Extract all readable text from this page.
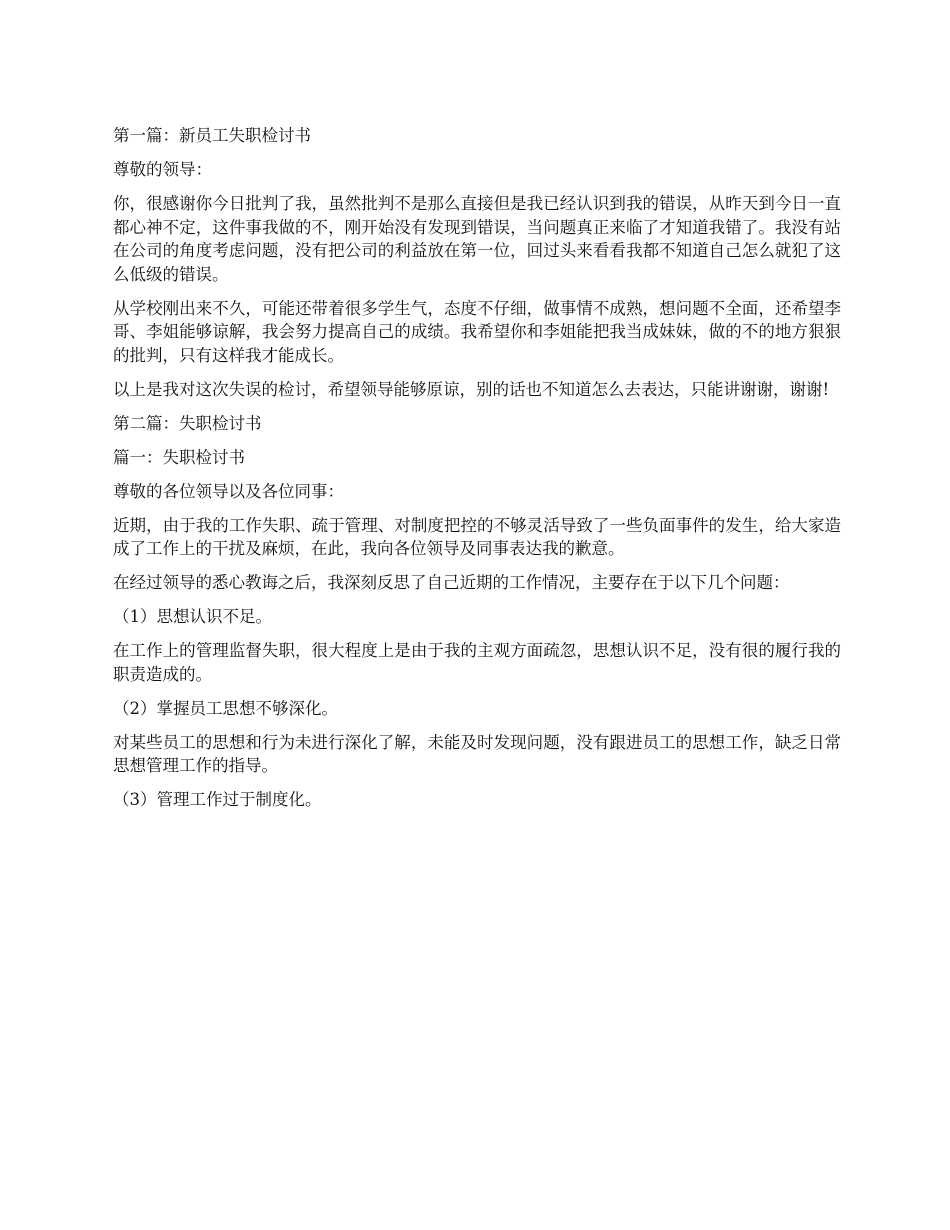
第一篇：新员工失职检讨书

尊敬的领导：

你，很感谢你今日批判了我，虽然批判不是那么直接但是我已经认识到我的错误，从昨天到今日一直都心神不定，这件事我做的不，刚开始没有发现到错误，当问题真正来临了才知道我错了。我没有站在公司的角度考虑问题，没有把公司的利益放在第一位，回过头来看看我都不知道自己怎么就犯了这么低级的错误。

从学校刚出来不久，可能还带着很多学生气，态度不仔细，做事情不成熟，想问题不全面，还希望李哥、李姐能够谅解，我会努力提高自己的成绩。我希望你和李姐能把我当成妹妹，做的不的地方狠狠的批判，只有这样我才能成长。

以上是我对这次失误的检讨，希望领导能够原谅，别的话也不知道怎么去表达，只能讲谢谢，谢谢!

第二篇：失职检讨书

篇一：失职检讨书

尊敬的各位领导以及各位同事：

近期，由于我的工作失职、疏于管理、对制度把控的不够灵活导致了一些负面事件的发生，给大家造成了工作上的干扰及麻烦，在此，我向各位领导及同事表达我的歉意。

在经过领导的悉心教诲之后，我深刻反思了自己近期的工作情况，主要存在于以下几个问题：

（1）思想认识不足。

在工作上的管理监督失职，很大程度上是由于我的主观方面疏忽，思想认识不足，没有很的履行我的职责造成的。

（2）掌握员工思想不够深化。

对某些员工的思想和行为未进行深化了解，未能及时发现问题，没有跟进员工的思想工作，缺乏日常思想管理工作的指导。

（3）管理工作过于制度化。
